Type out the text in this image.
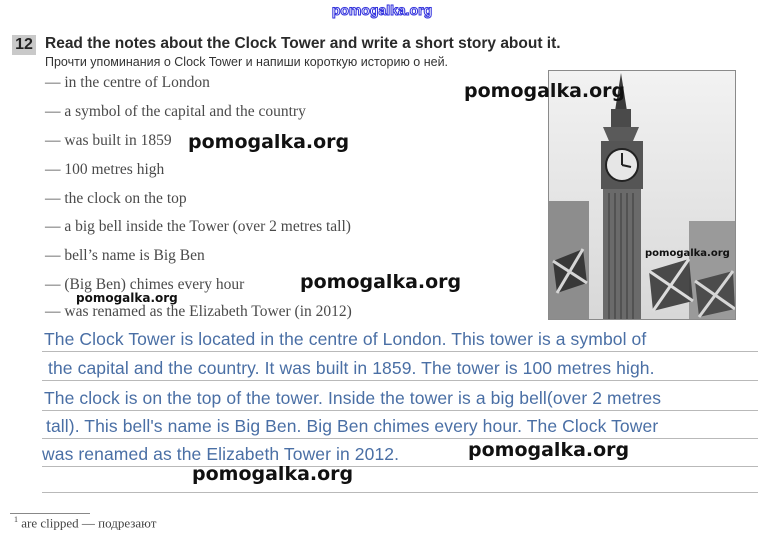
pomogalka.org
12 Read the notes about the Clock Tower and write a short story about it.
Прочти упоминания о Clock Tower и напиши короткую историю о ней.
— in the centre of London
— a symbol of the capital and the country
— was built in 1859
— 100 metres high
— the clock on the top
— a big bell inside the Tower (over 2 metres tall)
— bell’s name is Big Ben
— (Big Ben) chimes every hour
— was renamed as the Elizabeth Tower (in 2012)
The Clock Tower is located in the centre of London. This tower is a symbol of
the capital and the country. It was built in 1859. The tower is 100 metres high.
The clock is on the top of the tower. Inside the tower is a big bell(over 2 metres
tall). This bell's name is Big Ben. Big Ben chimes every hour. The Clock Tower
was renamed as the Elizabeth Tower in 2012.
$^1$ are clipped — подрезают
pomogalka.org
pomogalka.org
pomogalka.org
pomogalka.org
pomogalka.org
pomogalka.org
pomogalka.org
